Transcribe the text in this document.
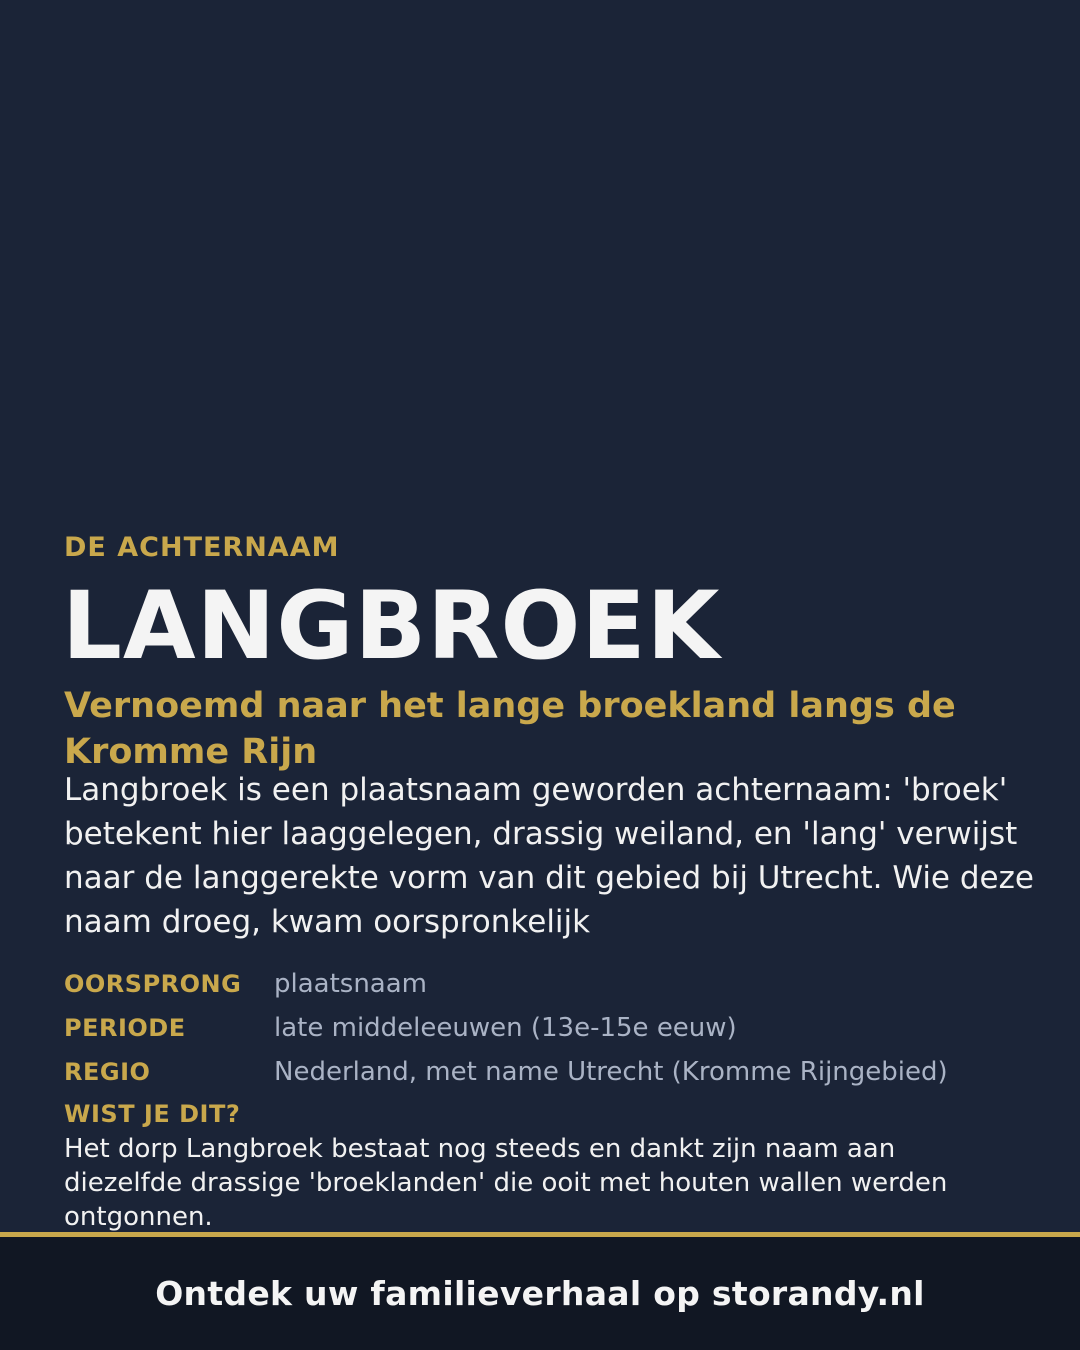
DE ACHTERNAAM
LANGBROEK
Vernoemd naar het lange broekland langs de Kromme Rijn

Langbroek is een plaatsnaam geworden achternaam: 'broek' betekent hier laaggelegen, drassig weiland, en 'lang' verwijst naar de langgerekte vorm van dit gebied bij Utrecht. Wie deze naam droeg, kwam oorspronkelijk

OORSPRONG	plaatsnaam
PERIODE	late middeleeuwen (13e-15e eeuw)
REGIO	Nederland, met name Utrecht (Kromme Rijngebied)
WIST JE DIT?

Het dorp Langbroek bestaat nog steeds en dankt zijn naam aan diezelfde drassige 'broeklanden' die ooit met houten wallen werden ontgonnen.

Ontdek uw familieverhaal op storandy.nl
